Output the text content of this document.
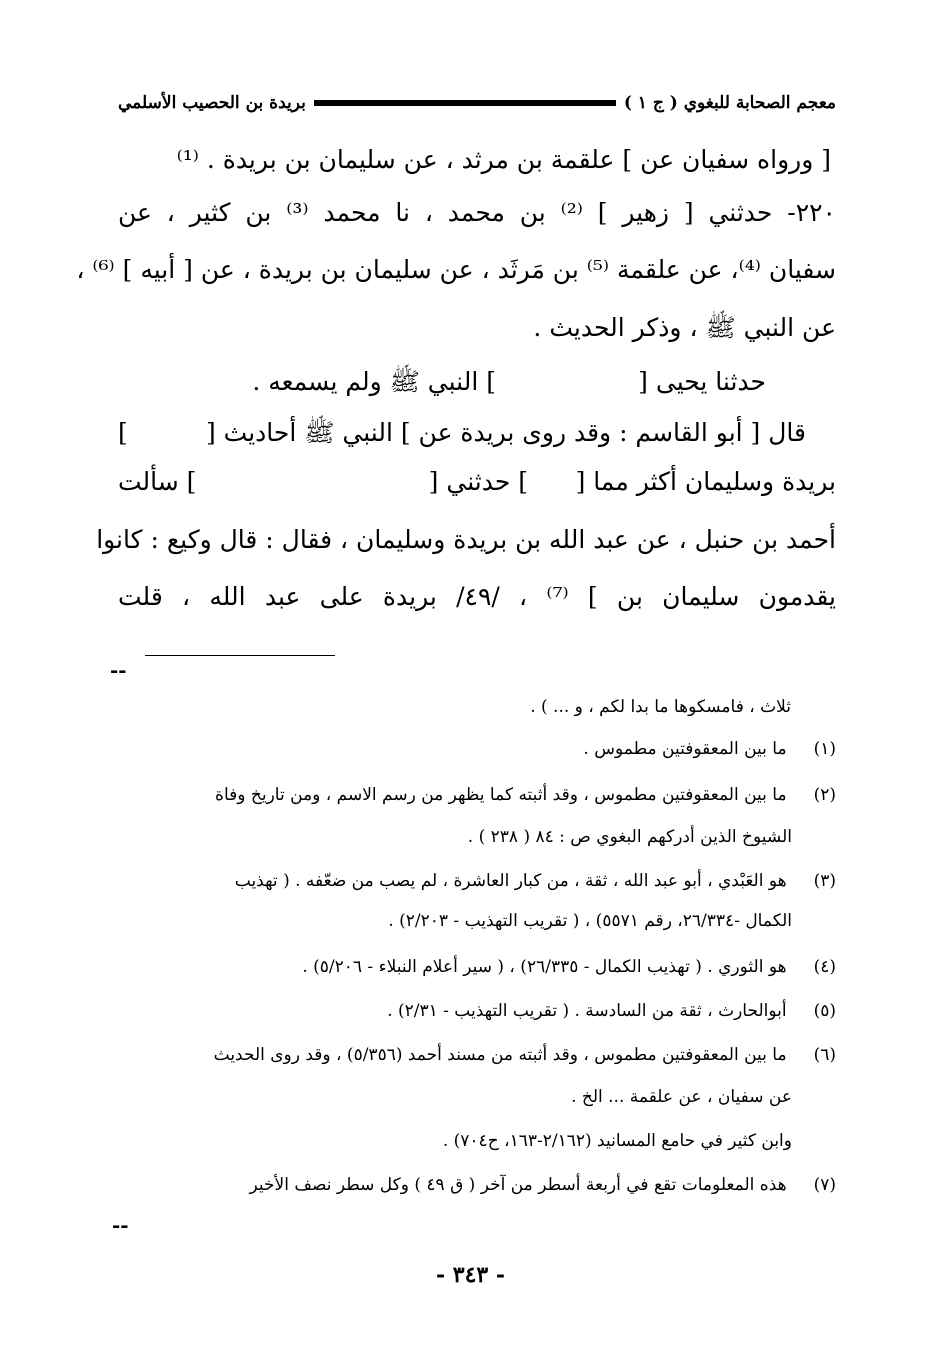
معجم الصحابة للبغوي ( ج ١ )
بريدة بن الحصيب الأسلمي
[ ورواه سفيان عن ] علقمة بن مرثد ، عن سليمان بن بريدة . ⁽¹⁾
٢٢٠- حدثني [ زهير ] ⁽²⁾ بن محمد ، نا محمد ⁽³⁾ بن كثير ، عن
سفيان ⁽⁴⁾، عن علقمة ⁽⁵⁾ بن مَرثَد ، عن سليمان بن بريدة ، عن [ أبيه ] ⁽⁶⁾ ،
عن النبي ﷺ ، وذكر الحديث .
حدثنا يحيى [
] النبي ﷺ ولم يسمعه .
قال [ أبو القاسم : وقد روى بريدة عن ] النبي ﷺ أحاديث [
]
بريدة وسليمان أكثر مما [
] حدثني [
] سألت
أحمد بن حنبل ، عن عبد الله بن بريدة وسليمان ، فقال : قال وكيع : كانوا
يقدمون سليمان بن ] ⁽⁷⁾ ، /٤٩/ بريدة على عبد الله ، قلت
--
ثلاث ، فامسكوها ما بدا لكم ، و ... ) .
(١) ما بين المعقوفتين مطموس .
(٢) ما بين المعقوفتين مطموس ، وقد أثبته كما يظهر من رسم الاسم ، ومن تاريخ وفاة
الشيوخ الذين أدركهم البغوي ص : ٨٤ ( ٢٣٨ ) .
(٣) هو العَبْدي ، أبو عبد الله ، ثقة ، من كبار العاشرة ، لم يصب من ضعّفه . ( تهذيب
الكمال -٢٦/٣٣٤، رقم ٥٥٧١) ، ( تقريب التهذيب - ٢/٢٠٣) .
(٤) هو الثوري . ( تهذيب الكمال - ٢٦/٣٣٥) ، ( سير أعلام النبلاء - ٥/٢٠٦) .
(٥) أبوالحارث ، ثقة من السادسة . ( تقريب التهذيب - ٢/٣١) .
(٦) ما بين المعقوفتين مطموس ، وقد أثبته من مسند أحمد (٥/٣٥٦) ، وقد روى الحديث
عن سفيان ، عن علقمة ... الخ .
وابن كثير في حامع المسانيد (٢/١٦٢-١٦٣، ح٧٠٤) .
(٧) هذه المعلومات تقع في أربعة أسطر من آخر ( ق ٤٩ ) وكل سطر نصف الأخير
--
- ٣٤٣ -
